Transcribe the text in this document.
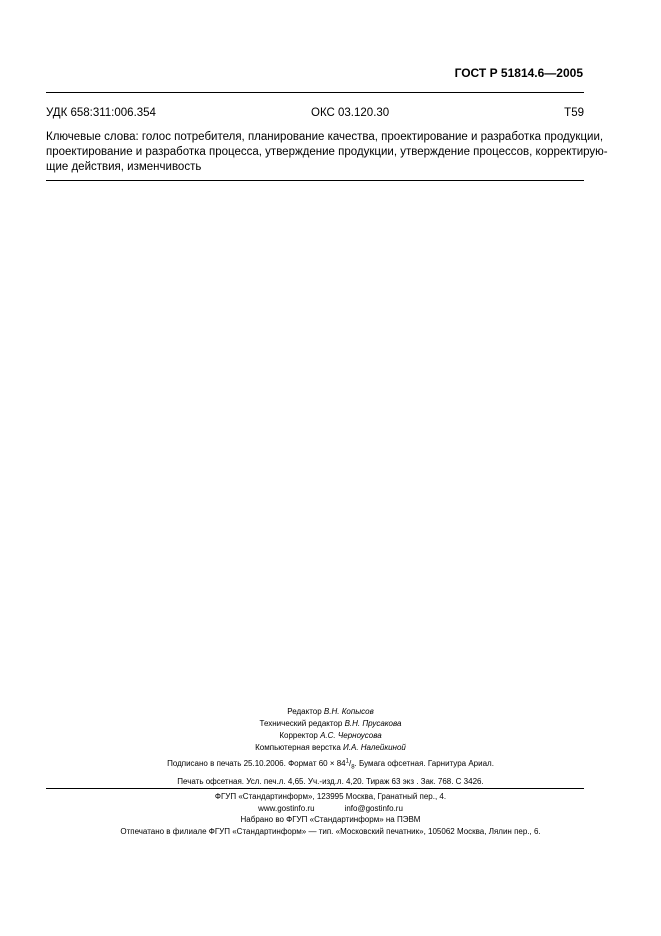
ГОСТ Р 51814.6—2005
УДК 658:311:006.354	ОКС 03.120.30	Т59
Ключевые слова: голос потребителя, планирование качества, проектирование и разработка продукции,
проектирование и разработка процесса, утверждение продукции, утверждение процессов, корректирую-
щие действия, изменчивость
Редактор В.Н. Копысов
Технический редактор В.Н. Прусакова
Корректор А.С. Черноусова
Компьютерная верстка И.А. Налейкиной
Подписано в печать 25.10.2006. Формат $60 \times 84^1/_8$. Бумага офсетная. Гарнитура Ариал.
Печать офсетная. Усл. печ.л. 4,65. Уч.-изд.л. 4,20. Тираж 63 экз . Зак. 768. С 3426.
ФГУП «Стандартинформ», 123995 Москва, Гранатный пер., 4.
www.gostinfo.ru	info@gostinfo.ru
Набрано во ФГУП «Стандартинформ» на ПЭВМ
Отпечатано в филиале ФГУП «Стандартинформ» — тип. «Московский печатник», 105062 Москва, Лялин пер., 6.
